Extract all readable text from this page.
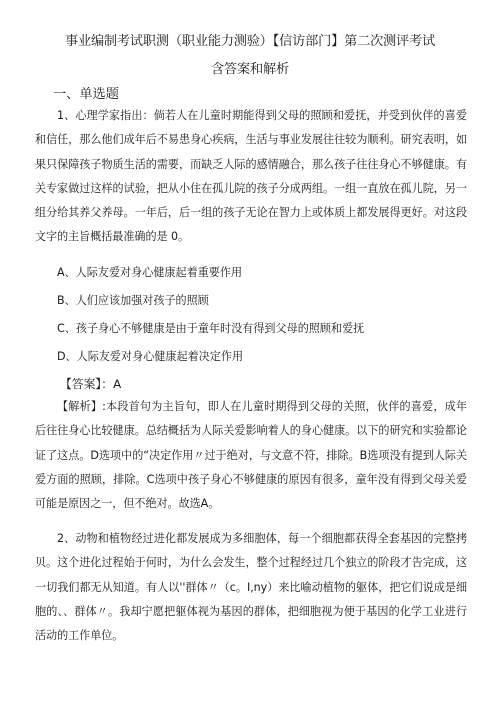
事业编制考试职测（职业能力测验）【信访部门】第二次测评考试
含答案和解析
一、单选题

1、心理学家指出：倘若人在儿童时期能得到父母的照顾和爱抚，并受到伙伴的喜爱和信任，那么他们成年后不易患身心疾病，生活与事业发展往往较为顺利。研究表明，如果只保障孩子物质生活的需要，而缺乏人际的感情融合，那么孩子往往身心不够健康。有关专家做过这样的试验，把从小住在孤儿院的孩子分成两组。一组一直放在孤儿院，另一组分给其养父养母。一年后，后一组的孩子无论在智力上或体质上都发展得更好。对这段文字的主旨概括最准确的是 0。

A、人际友爱对身心健康起着重要作用
B、人们应该加强对孩子的照顾
C、孩子身心不够健康是由于童年时没有得到父母的照顾和爱抚
D、人际友爱对身心健康起着决定作用
【答案】：A

【解析】:本段首句为主旨句，即人在儿童时期得到父母的关照，伙伴的喜爱，成年后往往身心比较健康。总结概括为人际关爱影响着人的身心健康。以下的研究和实验都论证了这点。D选项中的“决定作用〃过于绝对，与文意不符，排除。B选项没有提到人际关爱方面的照顾，排除。C选项中孩子身心不够健康的原因有很多，童年没有得到父母关爱可能是原因之一，但不绝对。故选A。

2、动物和植物经过进化都发展成为多细胞体，每一个细胞都获得全套基因的完整拷贝。这个进化过程始于何时，为什么会发生，整个过程经过几个独立的阶段才告完成，这一切我们都无从知道。有人以''群体〃（c。I,ny）来比喻动植物的躯体，把它们说成是细胞的、、群体〃。我却宁愿把躯体视为基因的群体，把细胞视为便于基因的化学工业进行活动的工作单位。
